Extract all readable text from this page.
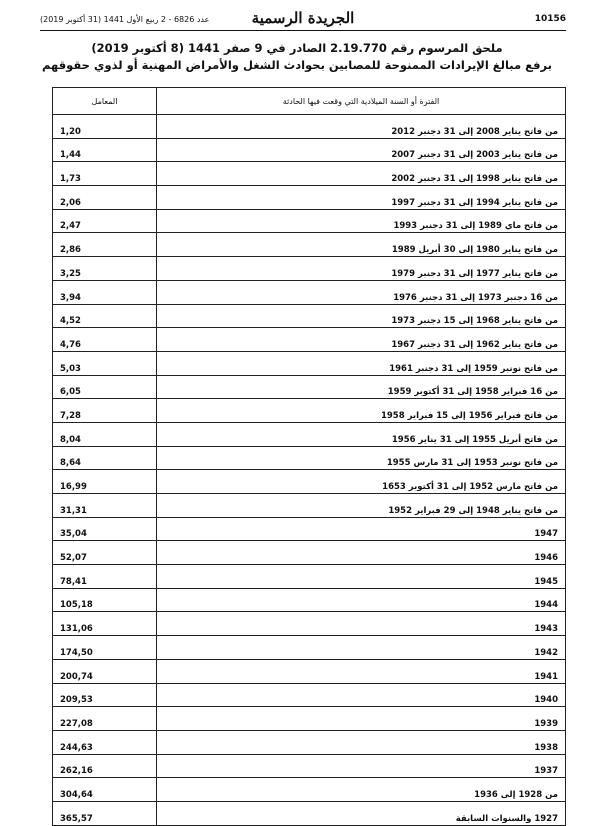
عدد 6826 - 2 ربيع الأول 1441 (31 أكتوبر 2019)	الجريدة الرسمية	10156
ملحق المرسوم رقم 2.19.770 الصادر في 9 صفر 1441 (8 أكتوبر 2019)
برفع مبالغ الإيرادات الممنوحة للمصابين بحوادث الشغل والأمراض المهنية أو لذوي حقوقهم
الفترة أو السنة الميلادية التي وقعت فيها الحادثة	المعامل
من فاتح يناير 2008 إلى 31 دجنبر 2012	1,20
من فاتح يناير 2003 إلى 31 دجنبر 2007	1,44
من فاتح يناير 1998 إلى 31 دجنبر 2002	1,73
من فاتح يناير 1994 إلى 31 دجنبر 1997	2,06
من فاتح ماي 1989 إلى 31 دجنبر 1993	2,47
من فاتح يناير 1980 إلى 30 أبريل 1989	2,86
من فاتح يناير 1977 إلى 31 دجنبر 1979	3,25
من 16 دجنبر 1973 إلى 31 دجنبر 1976	3,94
من فاتح يناير 1968 إلى 15 دجنبر 1973	4,52
من فاتح يناير 1962 إلى 31 دجنبر 1967	4,76
من فاتح نونبر 1959 إلى 31 دجنبر 1961	5,03
من 16 فبراير 1958 إلى 31 أكتوبر 1959	6,05
من فاتح فبراير 1956 إلى 15 فبراير 1958	7,28
من فاتح أبريل 1955 إلى 31 يناير 1956	8,04
من فاتح نونبر 1953 إلى 31 مارس 1955	8,64
من فاتح مارس 1952 إلى 31 أكتوبر 1653	16,99
من فاتح يناير 1948 إلى 29 فبراير 1952	31,31
1947	35,04
1946	52,07
1945	78,41
1944	105,18
1943	131,06
1942	174,50
1941	200,74
1940	209,53
1939	227,08
1938	244,63
1937	262,16
من 1928 إلى 1936	304,64
1927 والسنوات السابقة	365,57
